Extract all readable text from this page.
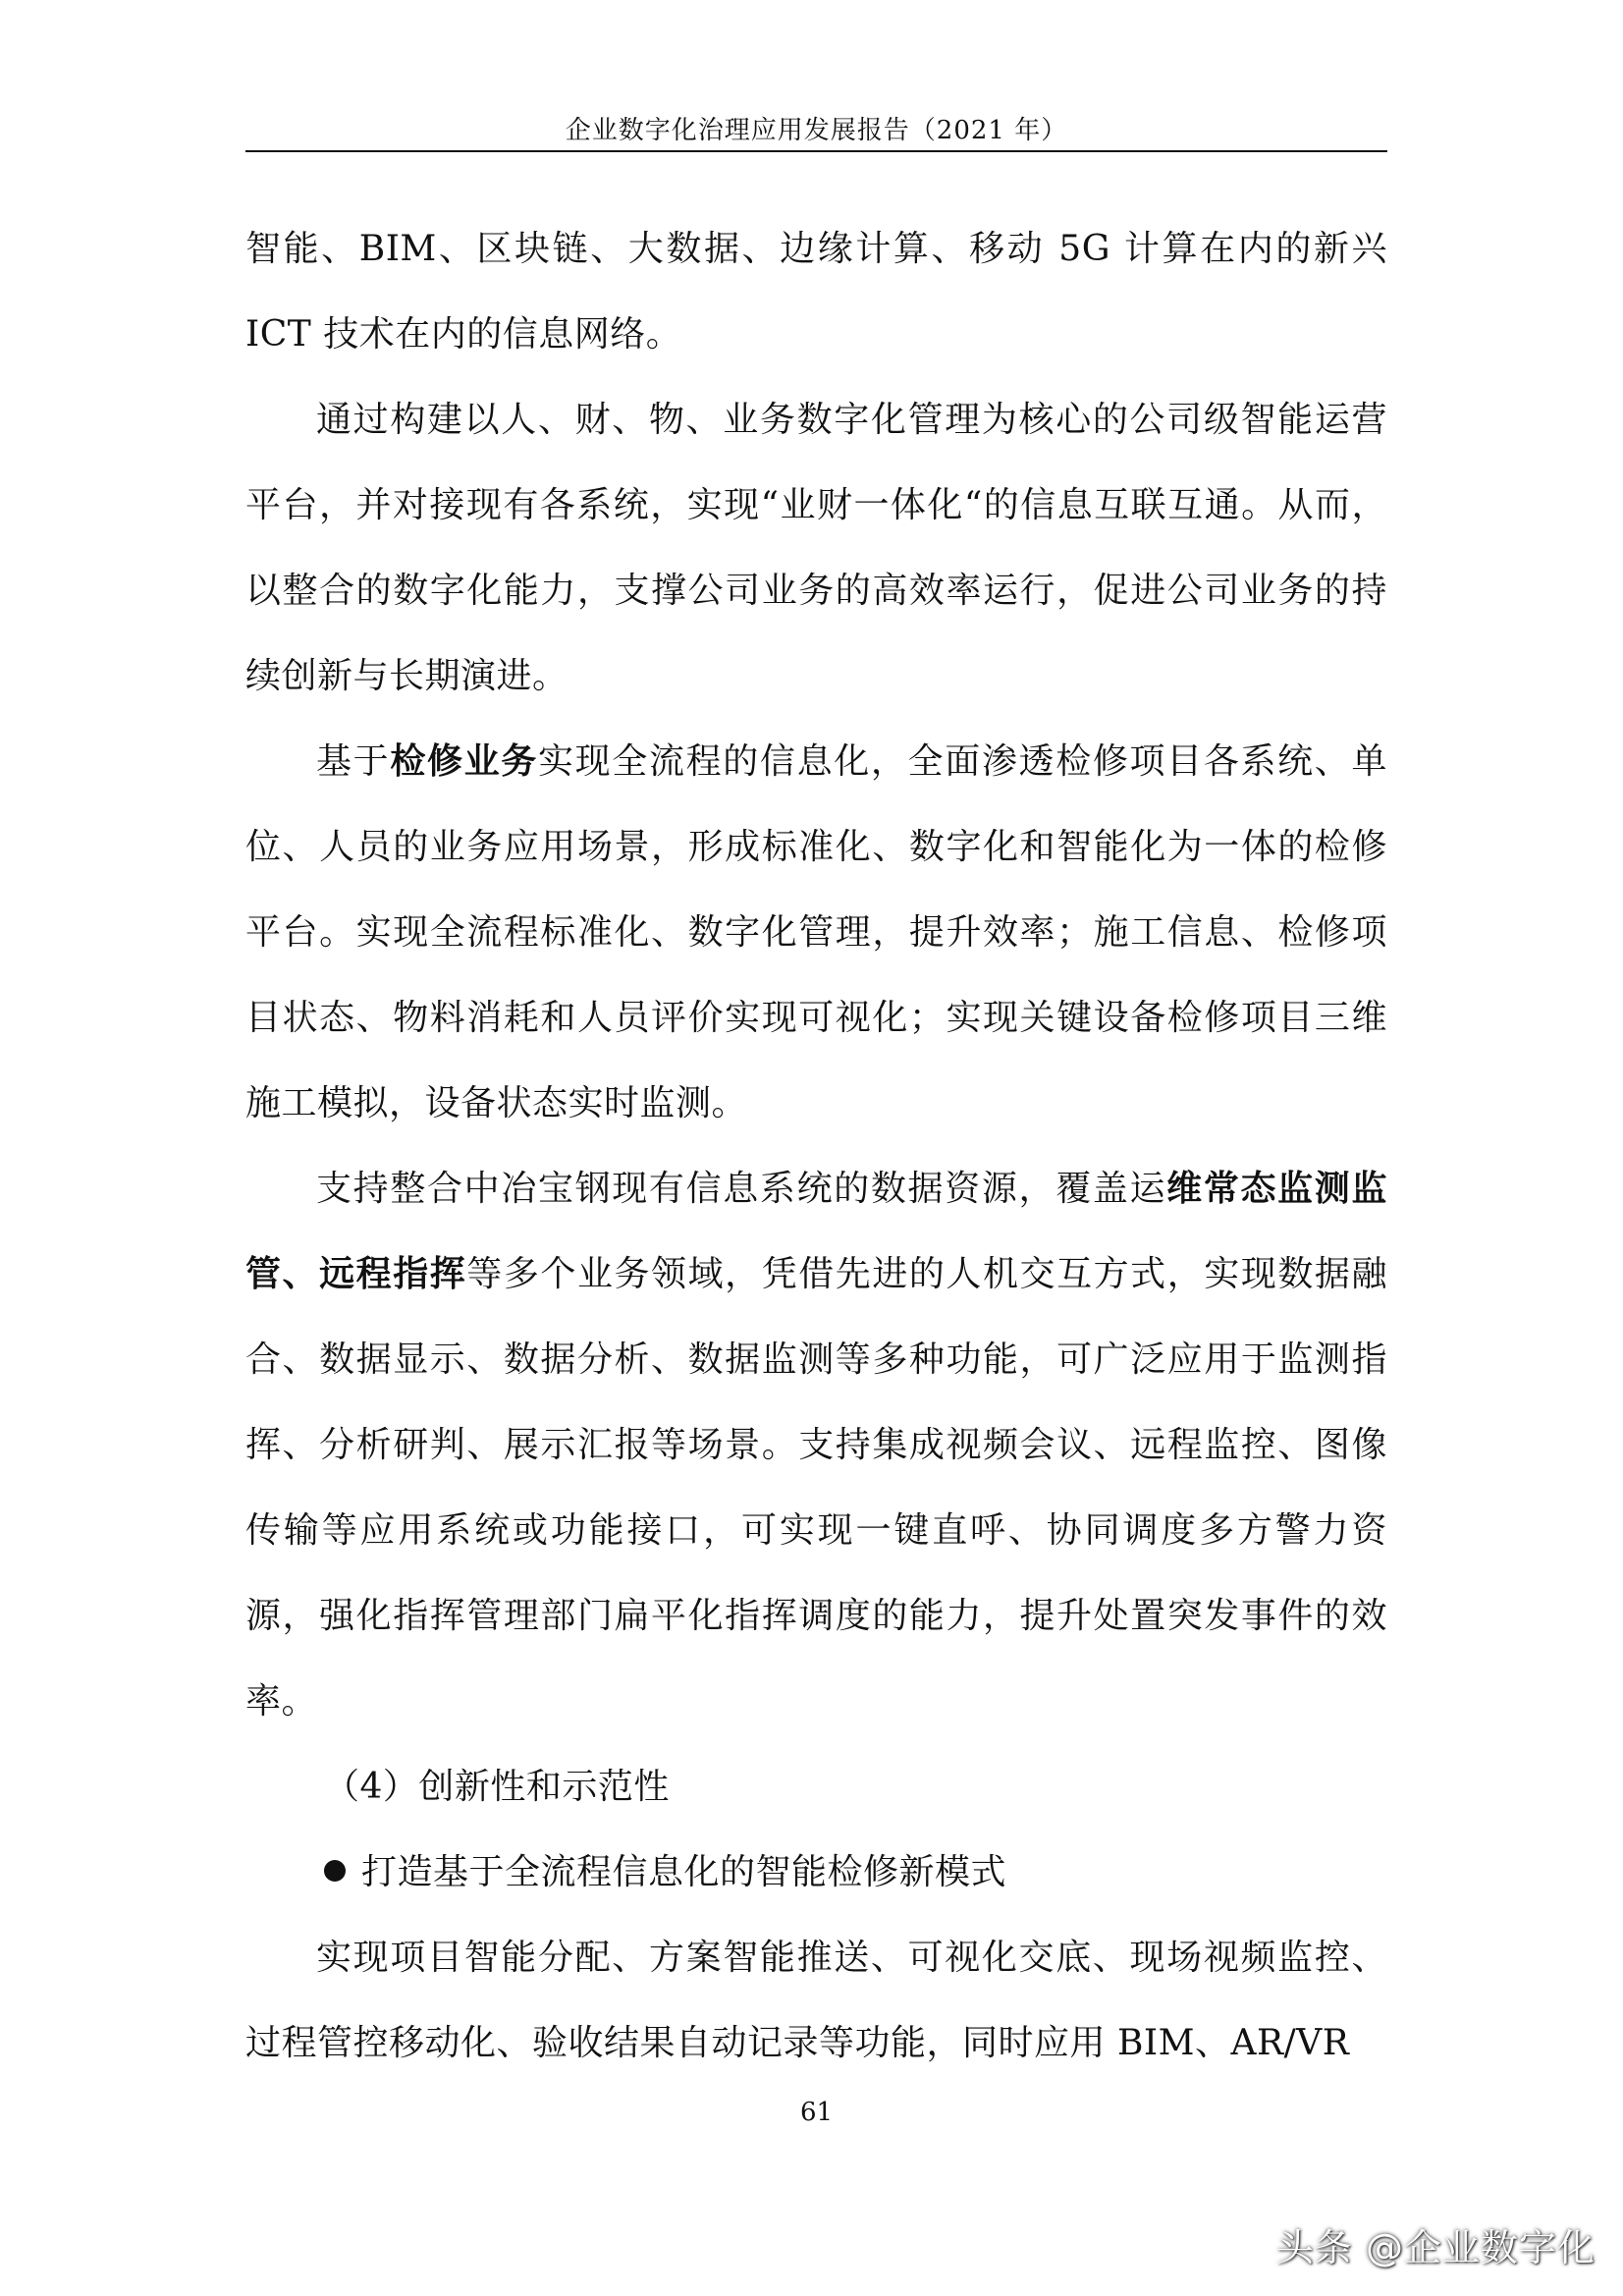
企业数字化治理应用发展报告（2021 年）

智能、BIM、区块链、大数据、边缘计算、移动 5G 计算在内的新兴ICT 技术在内的信息网络。

通过构建以人、财、物、业务数字化管理为核心的公司级智能运营平台，并对接现有各系统，实现“业财一体化“的信息互联互通。从而，以整合的数字化能力，支撑公司业务的高效率运行，促进公司业务的持续创新与长期演进。

基于检修业务实现全流程的信息化，全面渗透检修项目各系统、单位、人员的业务应用场景，形成标准化、数字化和智能化为一体的检修平台。实现全流程标准化、数字化管理，提升效率；施工信息、检修项目状态、物料消耗和人员评价实现可视化；实现关键设备检修项目三维施工模拟，设备状态实时监测。

支持整合中冶宝钢现有信息系统的数据资源，覆盖运维常态监测监管、远程指挥等多个业务领域，凭借先进的人机交互方式，实现数据融合、数据显示、数据分析、数据监测等多种功能，可广泛应用于监测指挥、分析研判、展示汇报等场景。支持集成视频会议、远程监控、图像传输等应用系统或功能接口，可实现一键直呼、协同调度多方警力资源，强化指挥管理部门扁平化指挥调度的能力，提升处置突发事件的效率。

（4）创新性和示范性

打造基于全流程信息化的智能检修新模式

实现项目智能分配、方案智能推送、可视化交底、现场视频监控、过程管控移动化、验收结果自动记录等功能，同时应用 BIM、AR/VR

61
头条 @企业数字化
